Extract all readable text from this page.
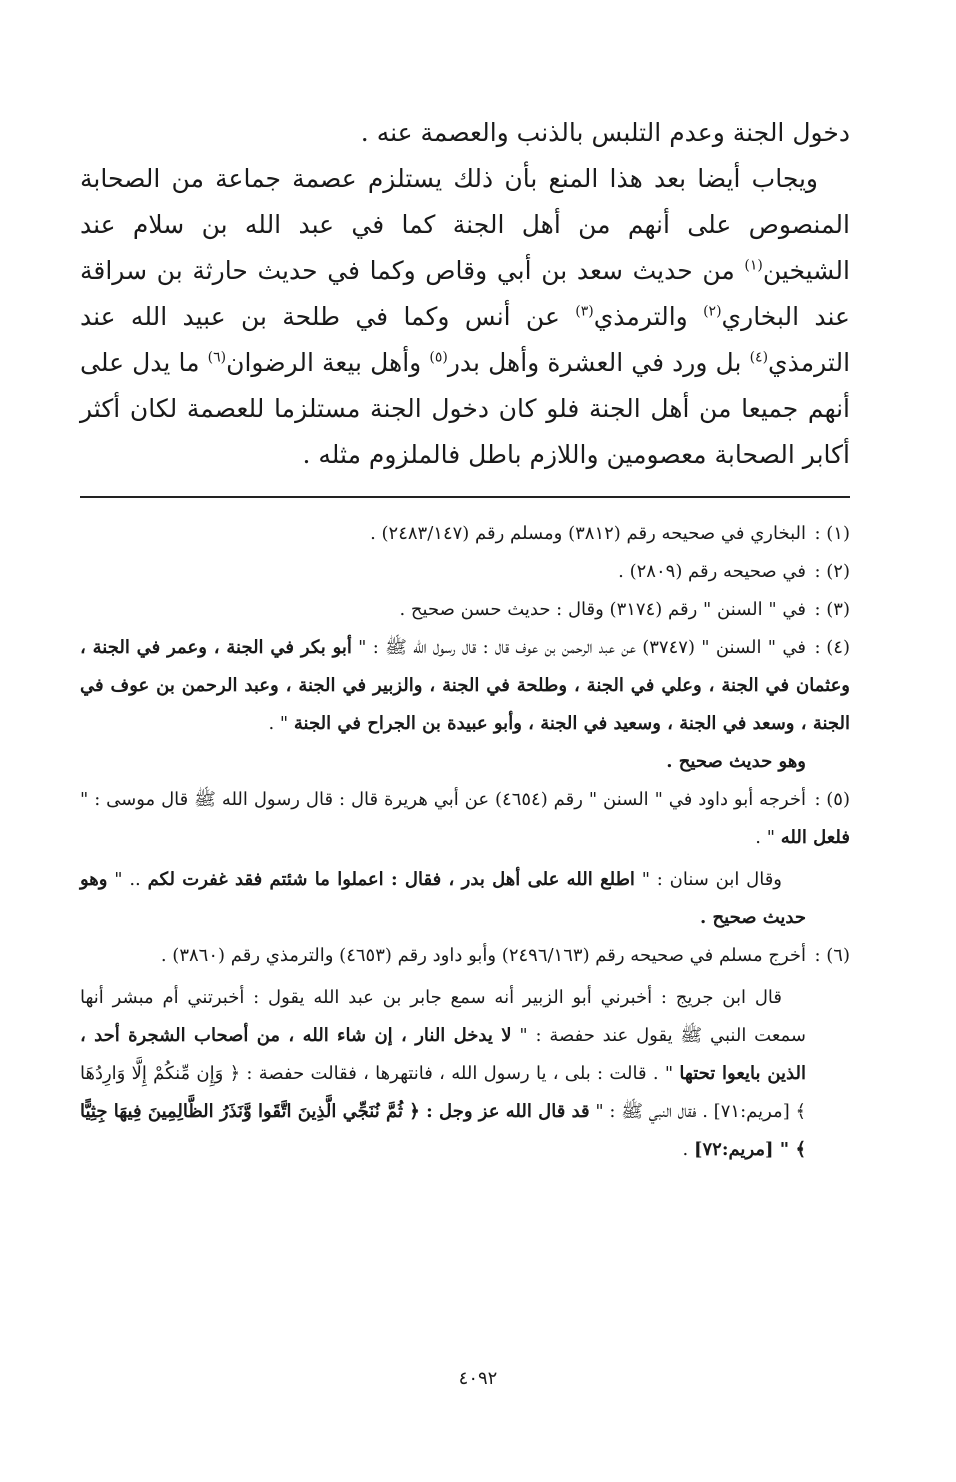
دخول الجنة وعدم التلبس بالذنب والعصمة عنه .

ويجاب أيضا بعد هذا المنع بأن ذلك يستلزم عصمة جماعة من الصحابة المنصوص على أنهم من أهل الجنة كما في عبد الله بن سلام عند الشيخين$^{(١)}$ من حديث سعد بن أبي وقاص وكما في حديث حارثة بن سراقة عند البخاري$^{(٢)}$ والترمذي$^{(٣)}$ عن أنس وكما في طلحة بن عبيد الله عند الترمذي$^{(٤)}$ بل ورد في العشرة وأهل بدر$^{(٥)}$ وأهل بيعة الرضوان$^{(٦)}$ ما يدل على أنهم جميعا من أهل الجنة فلو كان دخول الجنة مستلزما للعصمة لكان أكثر أكابر الصحابة معصومين واللازم باطل فالملزوم مثله .

(١) :البخاري في صحيحه رقم (٣٨١٢) ومسلم رقم (٢٤٨٣/١٤٧) .
(٢) :في صحيحه رقم (٢٨٠٩) .
(٣) :في " السنن " رقم (٣١٧٤) وقال : حديث حسن صحيح .
(٤) :في " السنن " (٣٧٤٧) عن عبد الرحمن بن عوف قال : قال رسول الله ﷺ : " أبو بكر في الجنة ، وعمر في الجنة ، وعثمان في الجنة ، وعلي في الجنة ، وطلحة في الجنة ، والزبير في الجنة ، وعبد الرحمن بن عوف في الجنة ، وسعد في الجنة ، وسعيد في الجنة ، وأبو عبيدة بن الجراح في الجنة " .
وهو حديث صحيح .
(٥) :أخرجه أبو داود في " السنن " رقم (٤٦٥٤) عن أبي هريرة قال : قال رسول الله ﷺ قال موسى : " فلعل الله " .
وقال ابن سنان : " اطلع الله على أهل بدر ، فقال : اعملوا ما شئتم فقد غفرت لكم .. " وهو حديث صحيح .
(٦) :أخرج مسلم في صحيحه رقم (٢٤٩٦/١٦٣) وأبو داود رقم (٤٦٥٣) والترمذي رقم (٣٨٦٠) .
قال ابن جريج : أخبرني أبو الزبير أنه سمع جابر بن عبد الله يقول : أخبرتني أم مبشر أنها سمعت النبي ﷺ يقول عند حفصة : " لا يدخل النار ، إن شاء الله ، من أصحاب الشجرة أحد ، الذين بايعوا تحتها " . قالت : بلى ، يا رسول الله ، فانتهرها ، فقالت حفصة : ﴿ وَإِن مِّنكُمْ إِلَّا وَارِدُهَا ﴾ [مريم:٧١] . فقال النبي ﷺ : " قد قال الله عز وجل : ﴿ ثُمَّ نُنَجِّي الَّذِينَ اتَّقَوا وَّنَذَرُ الظَّالِمِينَ فِيهَا جِثِيًّا ﴾ " [مريم:٧٢] .
٤٠٩٢
